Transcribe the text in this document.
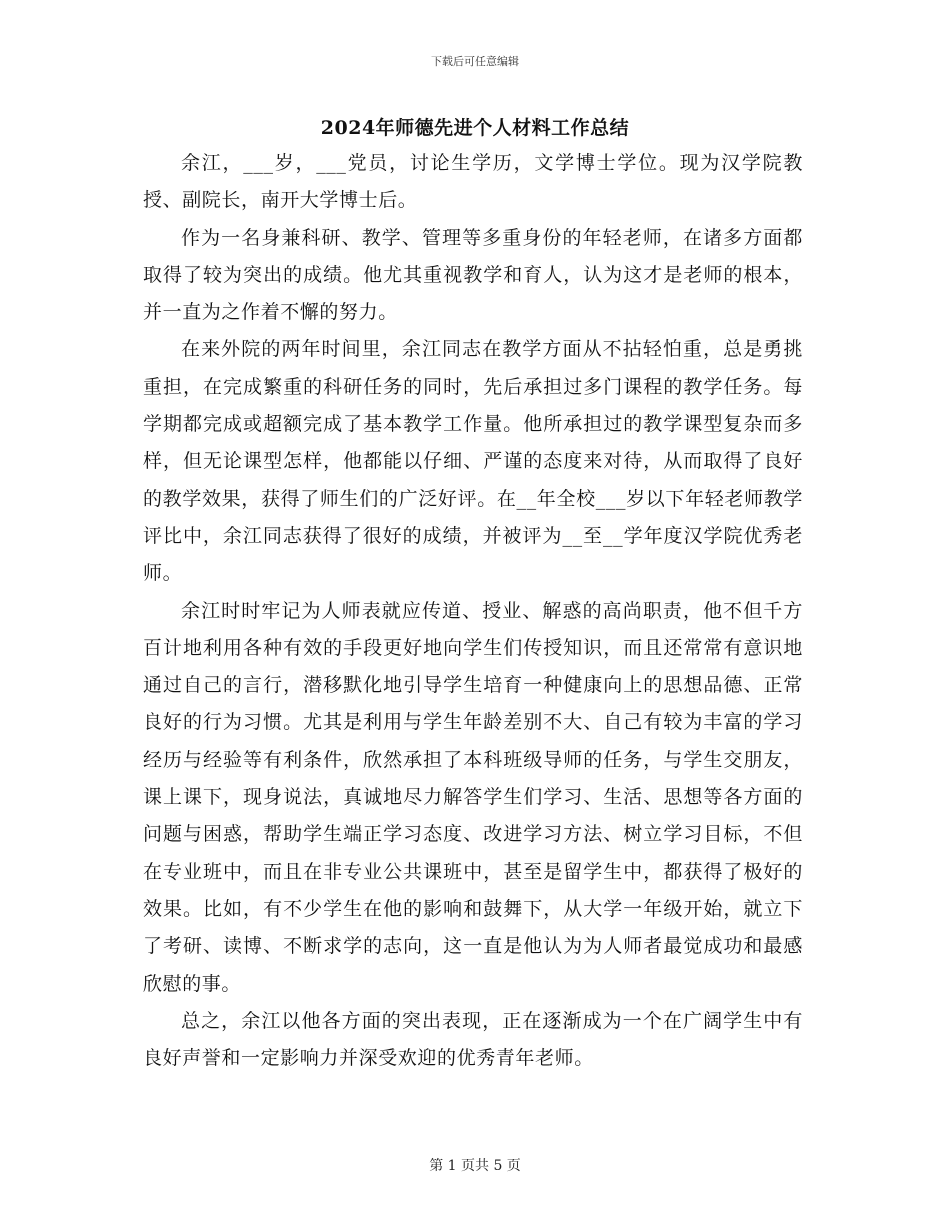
下载后可任意编辑
2024年师德先进个人材料工作总结

余江，___岁，___党员，讨论生学历，文学博士学位。现为汉学院教授、副院长，南开大学博士后。

作为一名身兼科研、教学、管理等多重身份的年轻老师，在诸多方面都取得了较为突出的成绩。他尤其重视教学和育人，认为这才是老师的根本，并一直为之作着不懈的努力。

在来外院的两年时间里，余江同志在教学方面从不拈轻怕重，总是勇挑重担，在完成繁重的科研任务的同时，先后承担过多门课程的教学任务。每学期都完成或超额完成了基本教学工作量。他所承担过的教学课型复杂而多样，但无论课型怎样，他都能以仔细、严谨的态度来对待，从而取得了良好的教学效果，获得了师生们的广泛好评。在__年全校___岁以下年轻老师教学评比中，余江同志获得了很好的成绩，并被评为__至__学年度汉学院优秀老师。

余江时时牢记为人师表就应传道、授业、解惑的高尚职责，他不但千方百计地利用各种有效的手段更好地向学生们传授知识，而且还常常有意识地通过自己的言行，潜移默化地引导学生培育一种健康向上的思想品德、正常良好的行为习惯。尤其是利用与学生年龄差别不大、自己有较为丰富的学习经历与经验等有利条件，欣然承担了本科班级导师的任务，与学生交朋友，课上课下，现身说法，真诚地尽力解答学生们学习、生活、思想等各方面的问题与困惑，帮助学生端正学习态度、改进学习方法、树立学习目标，不但在专业班中，而且在非专业公共课班中，甚至是留学生中，都获得了极好的效果。比如，有不少学生在他的影响和鼓舞下，从大学一年级开始，就立下了考研、读博、不断求学的志向，这一直是他认为为人师者最觉成功和最感欣慰的事。

总之，余江以他各方面的突出表现，正在逐渐成为一个在广阔学生中有良好声誉和一定影响力并深受欢迎的优秀青年老师。

第 1 页共 5 页
